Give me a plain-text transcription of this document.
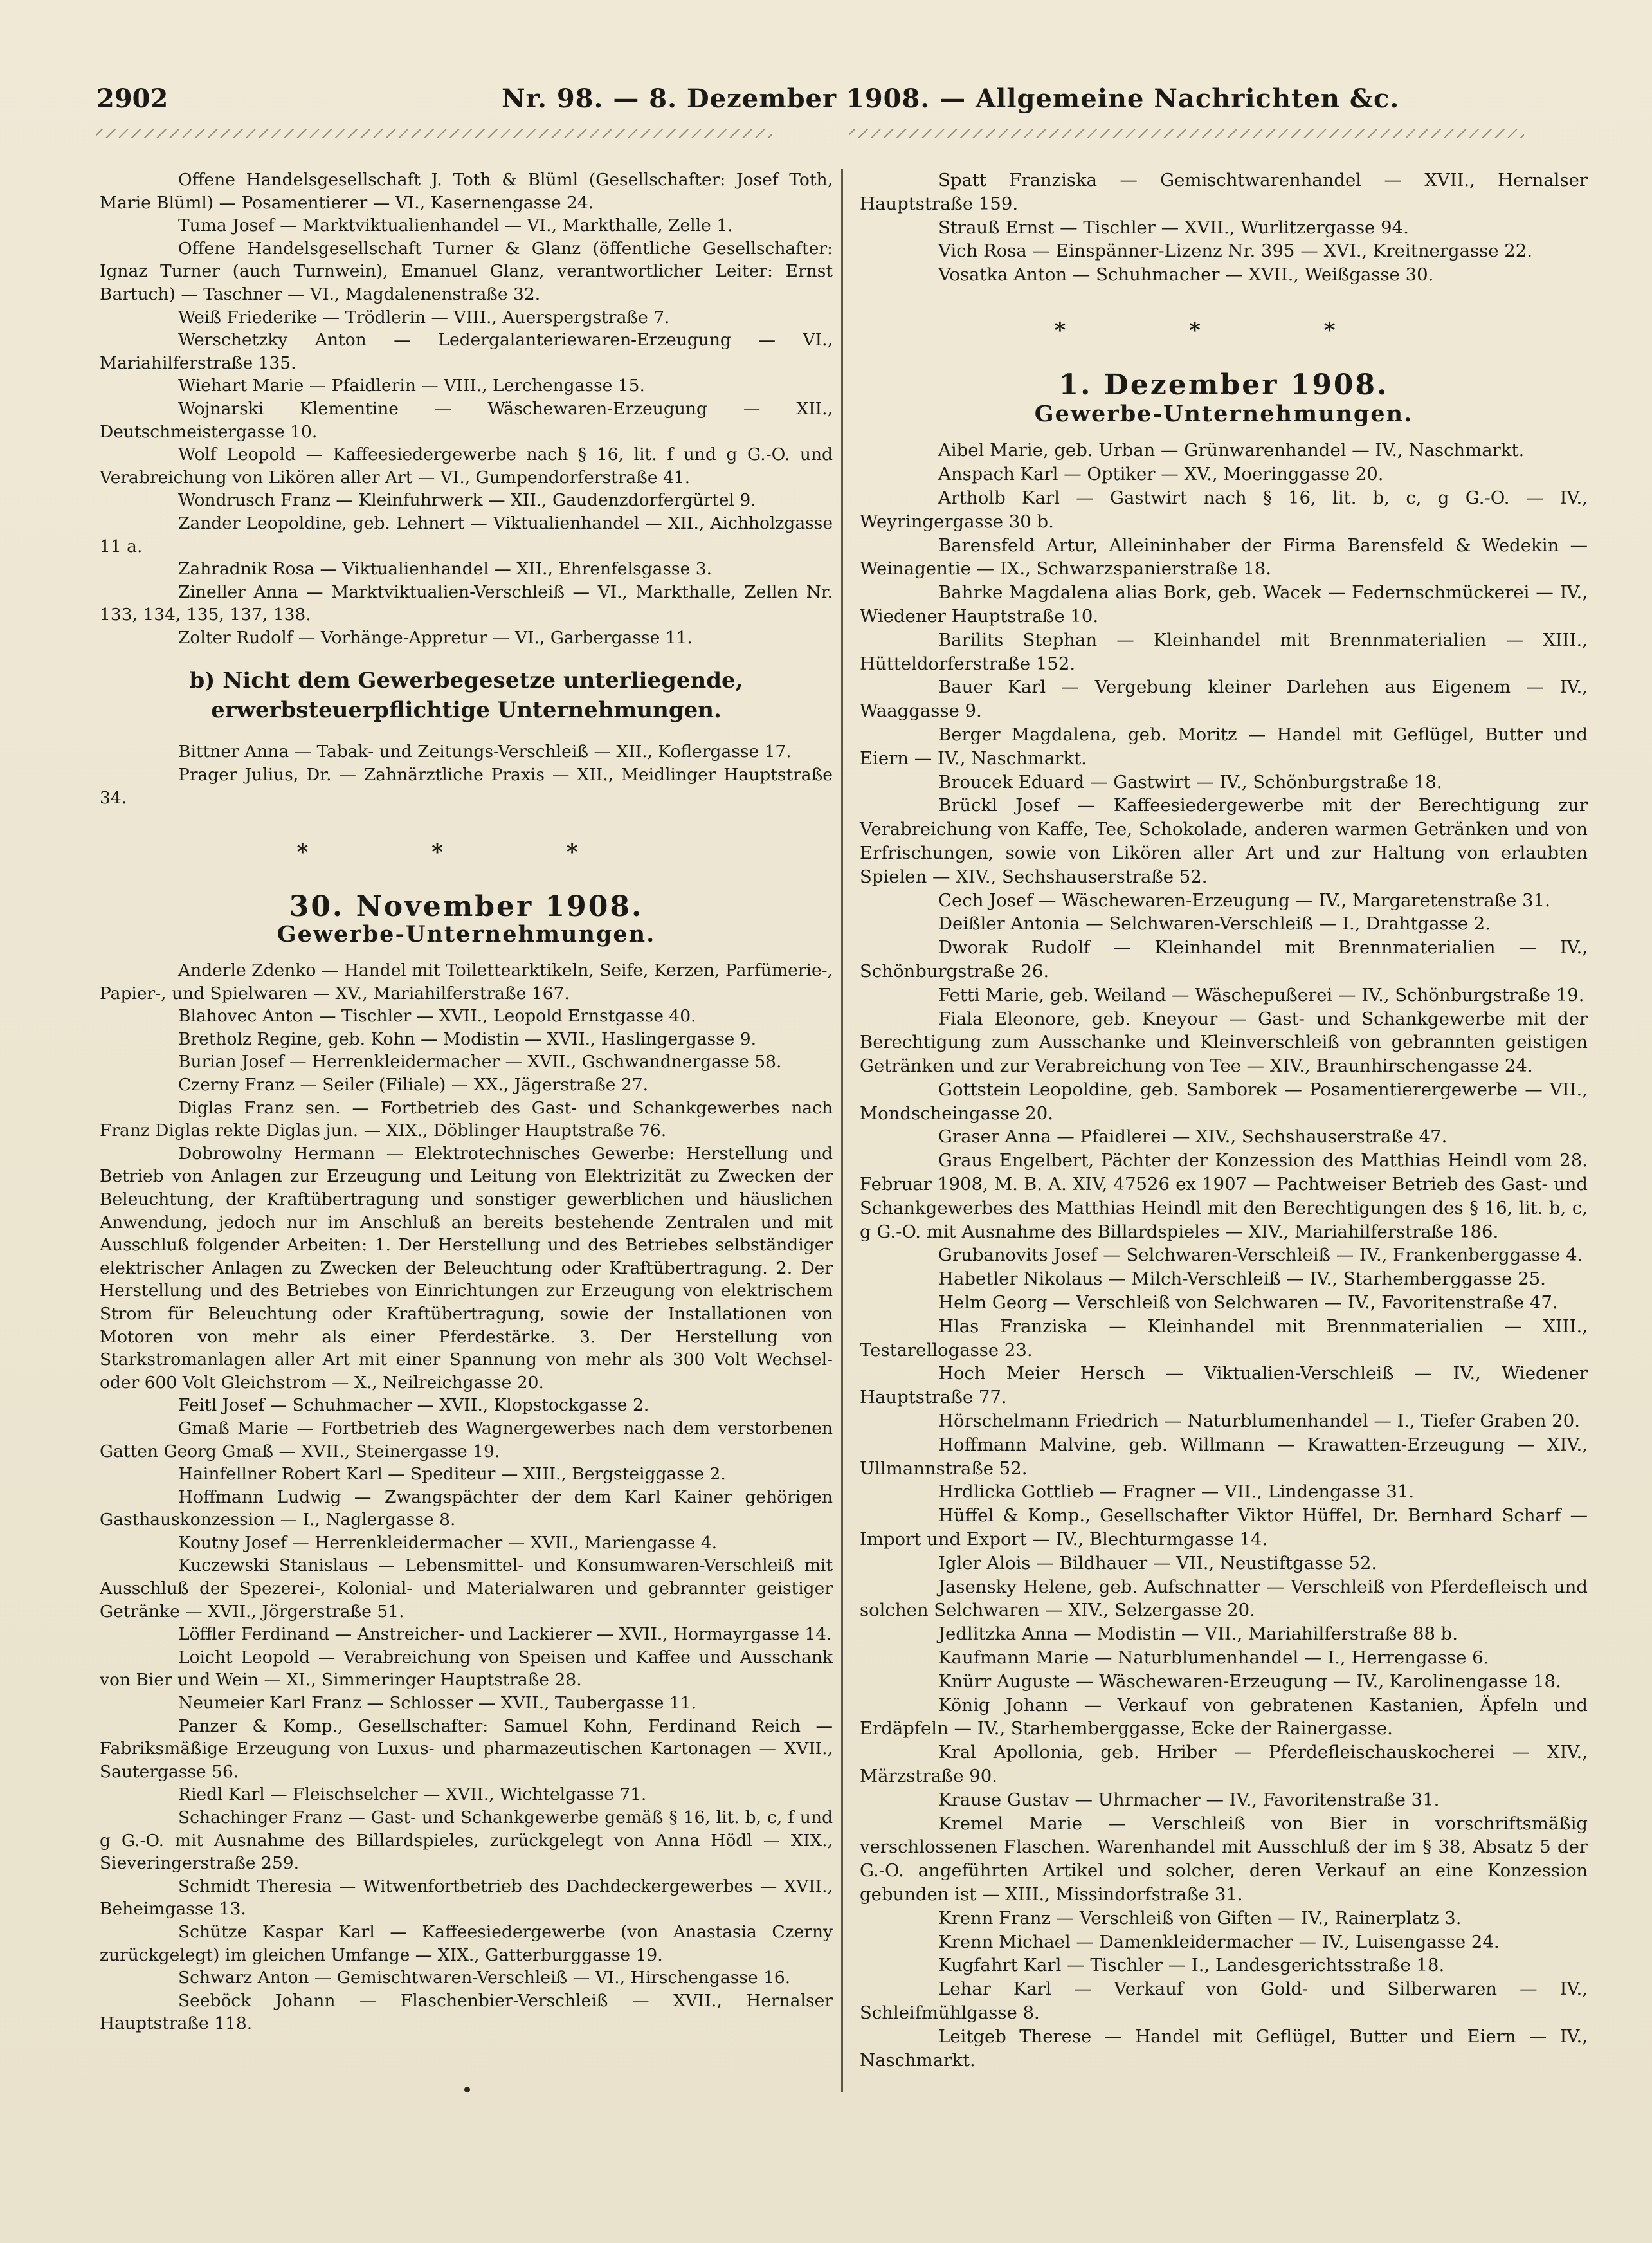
2902	Nr. 98. — 8. Dezember 1908. — Allgemeine Nachrichten &c.

Offene Handelsgesellschaft J. Toth & Blüml (Gesellschafter: Josef Toth, Marie Blüml) — Posamentierer — VI., Kasernengasse 24.

Tuma Josef — Marktviktualienhandel — VI., Markthalle, Zelle 1.

Offene Handelsgesellschaft Turner & Glanz (öffentliche Gesellschafter: Ignaz Turner (auch Turnwein), Emanuel Glanz, verantwortlicher Leiter: Ernst Bartuch) — Taschner — VI., Magdalenenstraße 32.

Weiß Friederike — Trödlerin — VIII., Auerspergstraße 7.

Werschetzky Anton — Ledergalanteriewaren-Erzeugung — VI., Mariahilferstraße 135.

Wiehart Marie — Pfaidlerin — VIII., Lerchengasse 15.

Wojnarski Klementine — Wäschewaren-Erzeugung — XII., Deutschmeistergasse 10.

Wolf Leopold — Kaffeesiedergewerbe nach § 16, lit. f und g G.-O. und Verabreichung von Likören aller Art — VI., Gumpendorferstraße 41.

Wondrusch Franz — Kleinfuhrwerk — XII., Gaudenzdorfergürtel 9.

Zander Leopoldine, geb. Lehnert — Viktualienhandel — XII., Aichholzgasse 11 a.

Zahradnik Rosa — Viktualienhandel — XII., Ehrenfelsgasse 3.

Zineller Anna — Marktviktualien-Verschleiß — VI., Markthalle, Zellen Nr. 133, 134, 135, 137, 138.

Zolter Rudolf — Vorhänge-Appretur — VI., Garbergasse 11.

b) Nicht dem Gewerbegesetze unterliegende, erwerbsteuerpflichtige Unternehmungen.

Bittner Anna — Tabak- und Zeitungs-Verschleiß — XII., Koflergasse 17.

Prager Julius, Dr. — Zahnärztliche Praxis — XII., Meidlinger Hauptstraße 34.

* * *
30. November 1908.
Gewerbe-Unternehmungen.

Anderle Zdenko — Handel mit Toilettearktikeln, Seife, Kerzen, Parfümerie-, Papier-, und Spielwaren — XV., Mariahilferstraße 167.

Blahovec Anton — Tischler — XVII., Leopold Ernstgasse 40.

Bretholz Regine, geb. Kohn — Modistin — XVII., Haslingergasse 9.

Burian Josef — Herrenkleidermacher — XVII., Gschwandnergasse 58.

Czerny Franz — Seiler (Filiale) — XX., Jägerstraße 27.

Diglas Franz sen. — Fortbetrieb des Gast- und Schankgewerbes nach Franz Diglas rekte Diglas jun. — XIX., Döblinger Hauptstraße 76.

Dobrowolny Hermann — Elektrotechnisches Gewerbe: Herstellung und Betrieb von Anlagen zur Erzeugung und Leitung von Elektrizität zu Zwecken der Beleuchtung, der Kraftübertragung und sonstiger gewerblichen und häuslichen Anwendung, jedoch nur im Anschluß an bereits bestehende Zentralen und mit Ausschluß folgender Arbeiten: 1. Der Herstellung und des Betriebes selbständiger elektrischer Anlagen zu Zwecken der Beleuchtung oder Kraftübertragung. 2. Der Herstellung und des Betriebes von Einrichtungen zur Erzeugung von elektrischem Strom für Beleuchtung oder Kraftübertragung, sowie der Installationen von Motoren von mehr als einer Pferdestärke. 3. Der Herstellung von Starkstromanlagen aller Art mit einer Spannung von mehr als 300 Volt Wechsel- oder 600 Volt Gleichstrom — X., Neilreichgasse 20.

Feitl Josef — Schuhmacher — XVII., Klopstockgasse 2.

Gmaß Marie — Fortbetrieb des Wagnergewerbes nach dem verstorbenen Gatten Georg Gmaß — XVII., Steinergasse 19.

Hainfellner Robert Karl — Spediteur — XIII., Bergsteiggasse 2.

Hoffmann Ludwig — Zwangspächter der dem Karl Kainer gehörigen Gasthauskonzession — I., Naglergasse 8.

Koutny Josef — Herrenkleidermacher — XVII., Mariengasse 4.

Kuczewski Stanislaus — Lebensmittel- und Konsumwaren-Verschleiß mit Ausschluß der Spezerei-, Kolonial- und Materialwaren und gebrannter geistiger Getränke — XVII., Jörgerstraße 51.

Löffler Ferdinand — Anstreicher- und Lackierer — XVII., Hormayrgasse 14.

Loicht Leopold — Verabreichung von Speisen und Kaffee und Ausschank von Bier und Wein — XI., Simmeringer Hauptstraße 28.

Neumeier Karl Franz — Schlosser — XVII., Taubergasse 11.

Panzer & Komp., Gesellschafter: Samuel Kohn, Ferdinand Reich — Fabriksmäßige Erzeugung von Luxus- und pharmazeutischen Kartonagen — XVII., Sautergasse 56.

Riedl Karl — Fleischselcher — XVII., Wichtelgasse 71.

Schachinger Franz — Gast- und Schankgewerbe gemäß § 16, lit. b, c, f und g G.-O. mit Ausnahme des Billardspieles, zurückgelegt von Anna Hödl — XIX., Sieveringerstraße 259.

Schmidt Theresia — Witwenfortbetrieb des Dachdeckergewerbes — XVII., Beheimgasse 13.

Schütze Kaspar Karl — Kaffeesiedergewerbe (von Anastasia Czerny zurückgelegt) im gleichen Umfange — XIX., Gatterburggasse 19.

Schwarz Anton — Gemischtwaren-Verschleiß — VI., Hirschengasse 16.

Seeböck Johann — Flaschenbier-Verschleiß — XVII., Hernalser Hauptstraße 118.

Spatt Franziska — Gemischtwarenhandel — XVII., Hernalser Hauptstraße 159.

Strauß Ernst — Tischler — XVII., Wurlitzergasse 94.

Vich Rosa — Einspänner-Lizenz Nr. 395 — XVI., Kreitnergasse 22.

Vosatka Anton — Schuhmacher — XVII., Weißgasse 30.

* * *
1. Dezember 1908.
Gewerbe-Unternehmungen.

Aibel Marie, geb. Urban — Grünwarenhandel — IV., Naschmarkt.

Anspach Karl — Optiker — XV., Moeringgasse 20.

Artholb Karl — Gastwirt nach § 16, lit. b, c, g G.-O. — IV., Weyringergasse 30 b.

Barensfeld Artur, Alleininhaber der Firma Barensfeld & Wedekin — Weinagentie — IX., Schwarzspanierstraße 18.

Bahrke Magdalena alias Bork, geb. Wacek — Federnschmückerei — IV., Wiedener Hauptstraße 10.

Barilits Stephan — Kleinhandel mit Brennmaterialien — XIII., Hütteldorferstraße 152.

Bauer Karl — Vergebung kleiner Darlehen aus Eigenem — IV., Waaggasse 9.

Berger Magdalena, geb. Moritz — Handel mit Geflügel, Butter und Eiern — IV., Naschmarkt.

Broucek Eduard — Gastwirt — IV., Schönburgstraße 18.

Brückl Josef — Kaffeesiedergewerbe mit der Berechtigung zur Verabreichung von Kaffe, Tee, Schokolade, anderen warmen Getränken und von Erfrischungen, sowie von Likören aller Art und zur Haltung von erlaubten Spielen — XIV., Sechshauserstraße 52.

Cech Josef — Wäschewaren-Erzeugung — IV., Margaretenstraße 31.

Deißler Antonia — Selchwaren-Verschleiß — I., Drahtgasse 2.

Dworak Rudolf — Kleinhandel mit Brennmaterialien — IV., Schönburgstraße 26.

Fetti Marie, geb. Weiland — Wäschepußerei — IV., Schönburgstraße 19.

Fiala Eleonore, geb. Kneyour — Gast- und Schankgewerbe mit der Berechtigung zum Ausschanke und Kleinverschleiß von gebrannten geistigen Getränken und zur Verabreichung von Tee — XIV., Braunhirschengasse 24.

Gottstein Leopoldine, geb. Samborek — Posamentierergewerbe — VII., Mondscheingasse 20.

Graser Anna — Pfaidlerei — XIV., Sechshauserstraße 47.

Graus Engelbert, Pächter der Konzession des Matthias Heindl vom 28. Februar 1908, M. B. A. XIV, 47526 ex 1907 — Pachtweiser Betrieb des Gast- und Schankgewerbes des Matthias Heindl mit den Berechtigungen des § 16, lit. b, c, g G.-O. mit Ausnahme des Billardspieles — XIV., Mariahilferstraße 186.

Grubanovits Josef — Selchwaren-Verschleiß — IV., Frankenberggasse 4.

Habetler Nikolaus — Milch-Verschleiß — IV., Starhemberggasse 25.

Helm Georg — Verschleiß von Selchwaren — IV., Favoritenstraße 47.

Hlas Franziska — Kleinhandel mit Brennmaterialien — XIII., Testarellogasse 23.

Hoch Meier Hersch — Viktualien-Verschleiß — IV., Wiedener Hauptstraße 77.

Hörschelmann Friedrich — Naturblumenhandel — I., Tiefer Graben 20.

Hoffmann Malvine, geb. Willmann — Krawatten-Erzeugung — XIV., Ullmannstraße 52.

Hrdlicka Gottlieb — Fragner — VII., Lindengasse 31.

Hüffel & Komp., Gesellschafter Viktor Hüffel, Dr. Bernhard Scharf — Import und Export — IV., Blechturmgasse 14.

Igler Alois — Bildhauer — VII., Neustiftgasse 52.

Jasensky Helene, geb. Aufschnatter — Verschleiß von Pferdefleisch und solchen Selchwaren — XIV., Selzergasse 20.

Jedlitzka Anna — Modistin — VII., Mariahilferstraße 88 b.

Kaufmann Marie — Naturblumenhandel — I., Herrengasse 6.

Knürr Auguste — Wäschewaren-Erzeugung — IV., Karolinengasse 18.

König Johann — Verkauf von gebratenen Kastanien, Äpfeln und Erdäpfeln — IV., Starhemberggasse, Ecke der Rainergasse.

Kral Apollonia, geb. Hriber — Pferdefleischauskocherei — XIV., Märzstraße 90.

Krause Gustav — Uhrmacher — IV., Favoritenstraße 31.

Kremel Marie — Verschleiß von Bier in vorschriftsmäßig verschlossenen Flaschen. Warenhandel mit Ausschluß der im § 38, Absatz 5 der G.-O. angeführten Artikel und solcher, deren Verkauf an eine Konzession gebunden ist — XIII., Missindorfstraße 31.

Krenn Franz — Verschleiß von Giften — IV., Rainerplatz 3.

Krenn Michael — Damenkleidermacher — IV., Luisengasse 24.

Kugfahrt Karl — Tischler — I., Landesgerichtsstraße 18.

Lehar Karl — Verkauf von Gold- und Silberwaren — IV., Schleifmühlgasse 8.

Leitgeb Therese — Handel mit Geflügel, Butter und Eiern — IV., Naschmarkt.
